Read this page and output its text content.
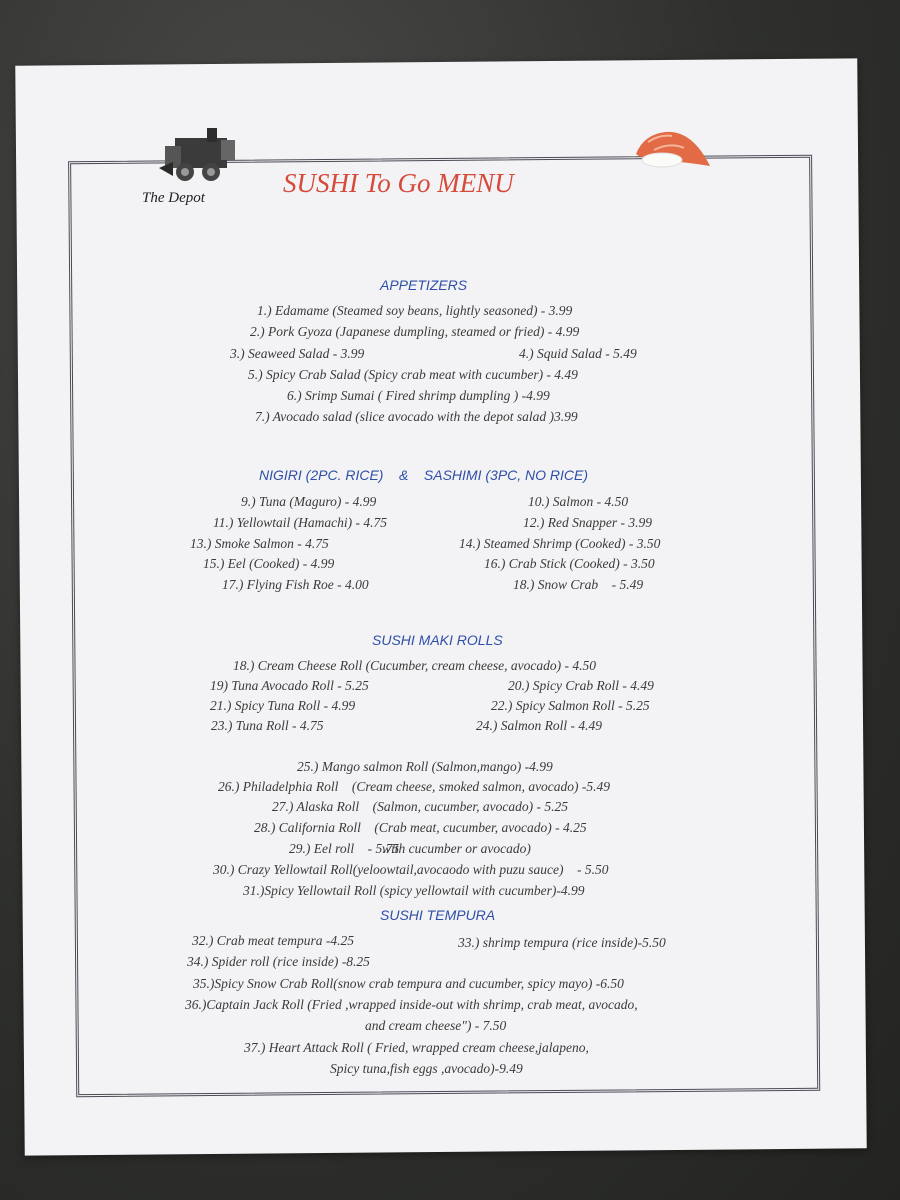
The Depot	SUSHI To Go MENU
APPETIZERS
1.) Edamame (Steamed soy beans, lightly seasoned) - 3.99
2.) Pork Gyoza (Japanese dumpling, steamed or fried) - 4.99
3.) Seaweed Salad - 3.99	4.) Squid Salad - 5.49
5.) Spicy Crab Salad (Spicy crab meat with cucumber) - 4.49
6.) Srimp Sumai ( Fired shrimp dumpling ) -4.99
7.) Avocado salad (slice avocado with the depot salad )3.99
NIGIRI (2PC. RICE)    &    SASHIMI (3PC, NO RICE)
9.) Tuna (Maguro) - 4.99	10.) Salmon - 4.50
11.) Yellowtail (Hamachi) - 4.75	12.) Red Snapper - 3.99
13.) Smoke Salmon - 4.75	14.) Steamed Shrimp (Cooked) - 3.50
15.) Eel (Cooked) - 4.99	16.) Crab Stick (Cooked) - 3.50
17.) Flying Fish Roe - 4.00	18.) Snow Crab    - 5.49
SUSHI MAKI ROLLS
18.) Cream Cheese Roll (Cucumber, cream cheese, avocado) - 4.50
19) Tuna Avocado Roll - 5.25	20.) Spicy Crab Roll - 4.49
21.) Spicy Tuna Roll - 4.99	22.) Spicy Salmon Roll - 5.25
23.) Tuna Roll - 4.75	24.) Salmon Roll - 4.49
25.) Mango salmon Roll (Salmon,mango) -4.99
26.) Philadelphia Roll    (Cream cheese, smoked salmon, avocado) -5.49
27.) Alaska Roll    (Salmon, cucumber, avocado) - 5.25
28.) California Roll    (Crab meat, cucumber, avocado) - 4.25
29.) Eel roll    - 5.75
with cucumber or avocado)
30.) Crazy Yellowtail Roll(yeloowtail,avocaodo with puzu sauce)    - 5.50
31.)Spicy Yellowtail Roll (spicy yellowtail with cucumber)-4.99
SUSHI TEMPURA
32.) Crab meat tempura -4.25	33.) shrimp tempura (rice inside)-5.50
34.) Spider roll (rice inside) -8.25
35.)Spicy Snow Crab Roll(snow crab tempura and cucumber, spicy mayo) -6.50
36.)Captain Jack Roll (Fried ,wrapped inside-out with shrimp, crab meat, avocado,
and cream cheese") - 7.50
37.) Heart Attack Roll ( Fried, wrapped cream cheese,jalapeno,
Spicy tuna,fish eggs ,avocado)-9.49
